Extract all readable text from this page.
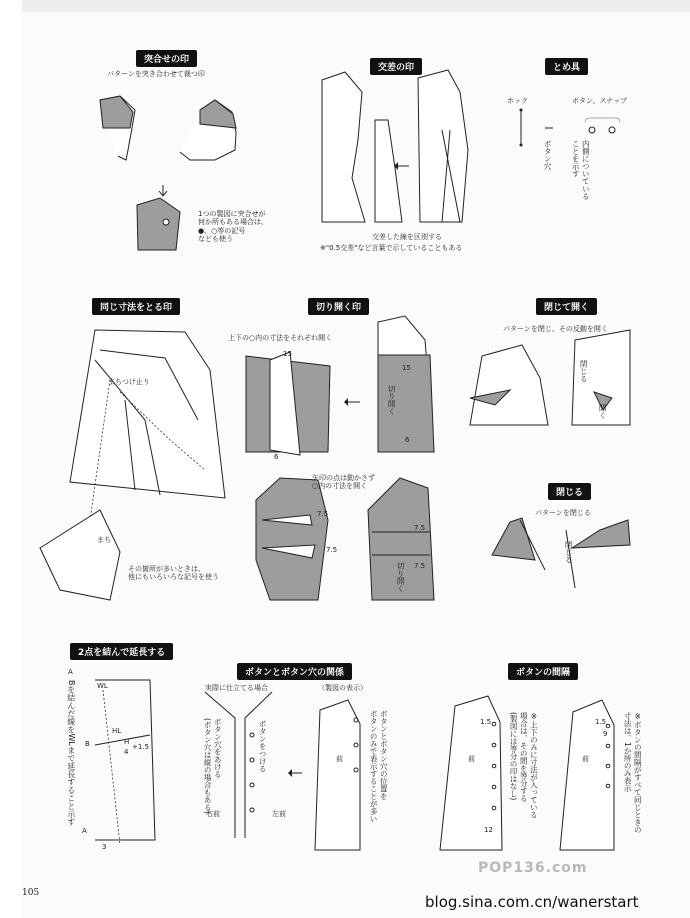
突合せの印
交差の印	とめ具
同じ寸法をとる印	切り開く印	閉じて開く
閉じる
2点を結んで延長する
ボタンとボタン穴の関係	ボタンの間隔
パターンを突き合わせて裁つ印
1つの製図に突合せが
何か所もある場合は、
●、○等の記号
なども使う	交差した線を区別する
※"0.5交差"など言葉で示していることもある
ホック	ボタン、スナップ
ボタン穴	内側についている
ことを示す
まちつけ止り
まち
その箇所が多いときは、
他にもいろいろな記号を使う
上下の○内の寸法をそれぞれ開く
15
6
15
6
切り開く
矢印の点は動かさず
○内の寸法を開く
7.5
7.5
7.5
7.5
切り開く
パターンを閉じ、その反動を開く
閉じる
開く
パターンを閉じる
閉じる
A
Bを結んだ線をWLまで延長すること示す	WL
HL
B	H
4
+1.5
A
3
実際に仕立てる場合	（製図の表示）
ボタン穴をあける
(ボタン穴は縦の場合もある)
右前
ボタンをつける
左前
前	ボタンとボタン穴の位置を
ボタンのみで表示することが多い	前
1.5
12
※上下のみに寸法が入っている
場合は、その間を等分する
(製図には等分の印はなし)	前
1.5
9	※ボタンの間隔がすべて同じときの
寸法は、1か所のみ表示
105
POP136.com
blog.sina.com.cn/wanerstart
